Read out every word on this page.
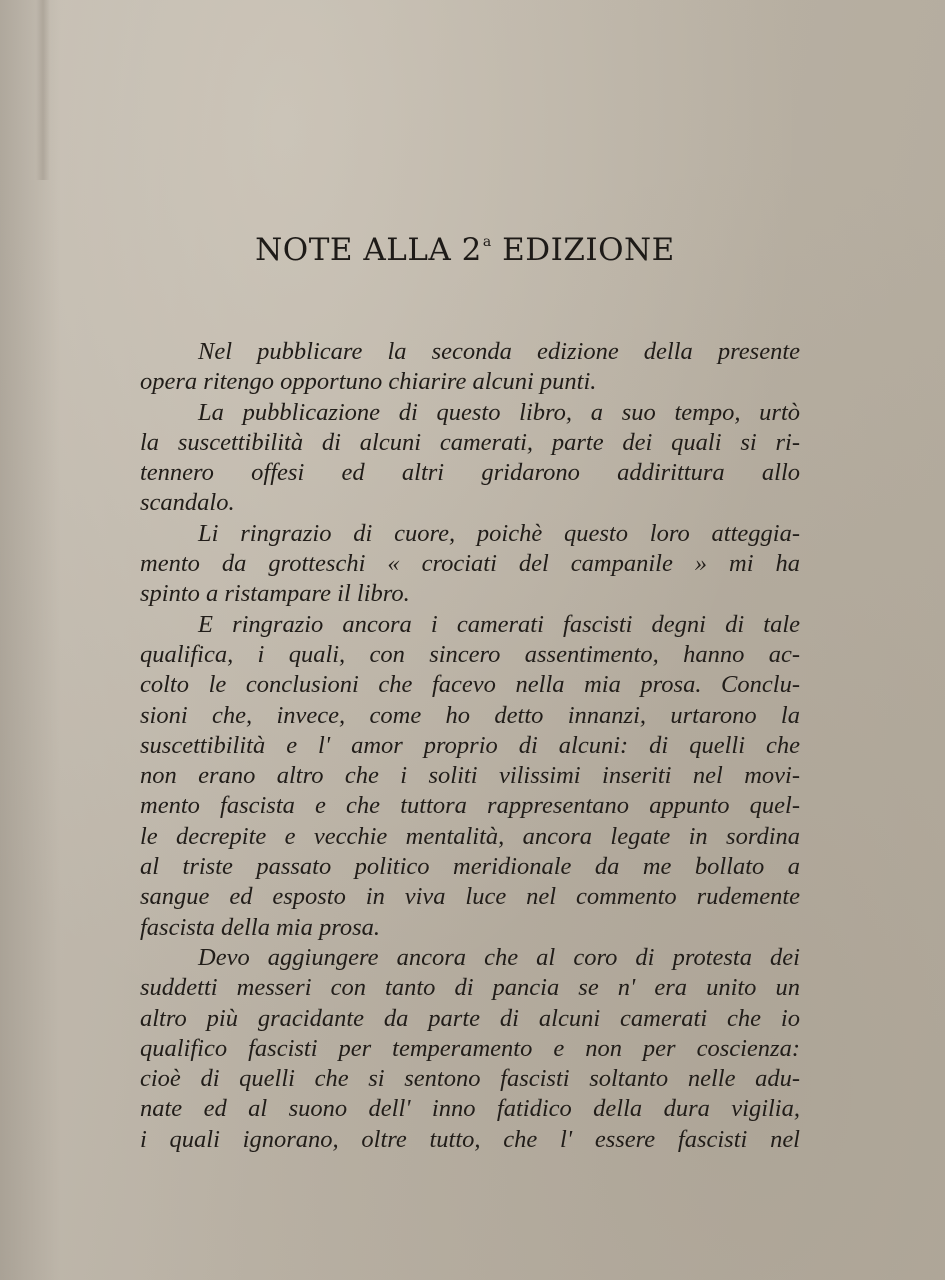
NOTE ALLA 2$^a$ EDIZIONE
Nel pubblicare la seconda edizione della presente
opera ritengo opportuno chiarire alcuni punti.
La pubblicazione di questo libro, a suo tempo, urtò
la suscettibilità di alcuni camerati, parte dei quali si ri-
tennero offesi ed altri gridarono addirittura allo
scandalo.
Li ringrazio di cuore, poichè questo loro atteggia-
mento da grotteschi « crociati del campanile » mi ha
spinto a ristampare il libro.
E ringrazio ancora i camerati fascisti degni di tale
qualifica, i quali, con sincero assentimento, hanno ac-
colto le conclusioni che facevo nella mia prosa. Conclu-
sioni che, invece, come ho detto innanzi, urtarono la
suscettibilità e l' amor proprio di alcuni: di quelli che
non erano altro che i soliti vilissimi inseriti nel movi-
mento fascista e che tuttora rappresentano appunto quel-
le decrepite e vecchie mentalità, ancora legate in sordina
al triste passato politico meridionale da me bollato a
sangue ed esposto in viva luce nel commento rudemente
fascista della mia prosa.
Devo aggiungere ancora che al coro di protesta dei
suddetti messeri con tanto di pancia se n' era unito un
altro più gracidante da parte di alcuni camerati che io
qualifico fascisti per temperamento e non per coscienza:
cioè di quelli che si sentono fascisti soltanto nelle adu-
nate ed al suono dell' inno fatidico della dura vigilia,
i quali ignorano, oltre tutto, che l' essere fascisti nel
